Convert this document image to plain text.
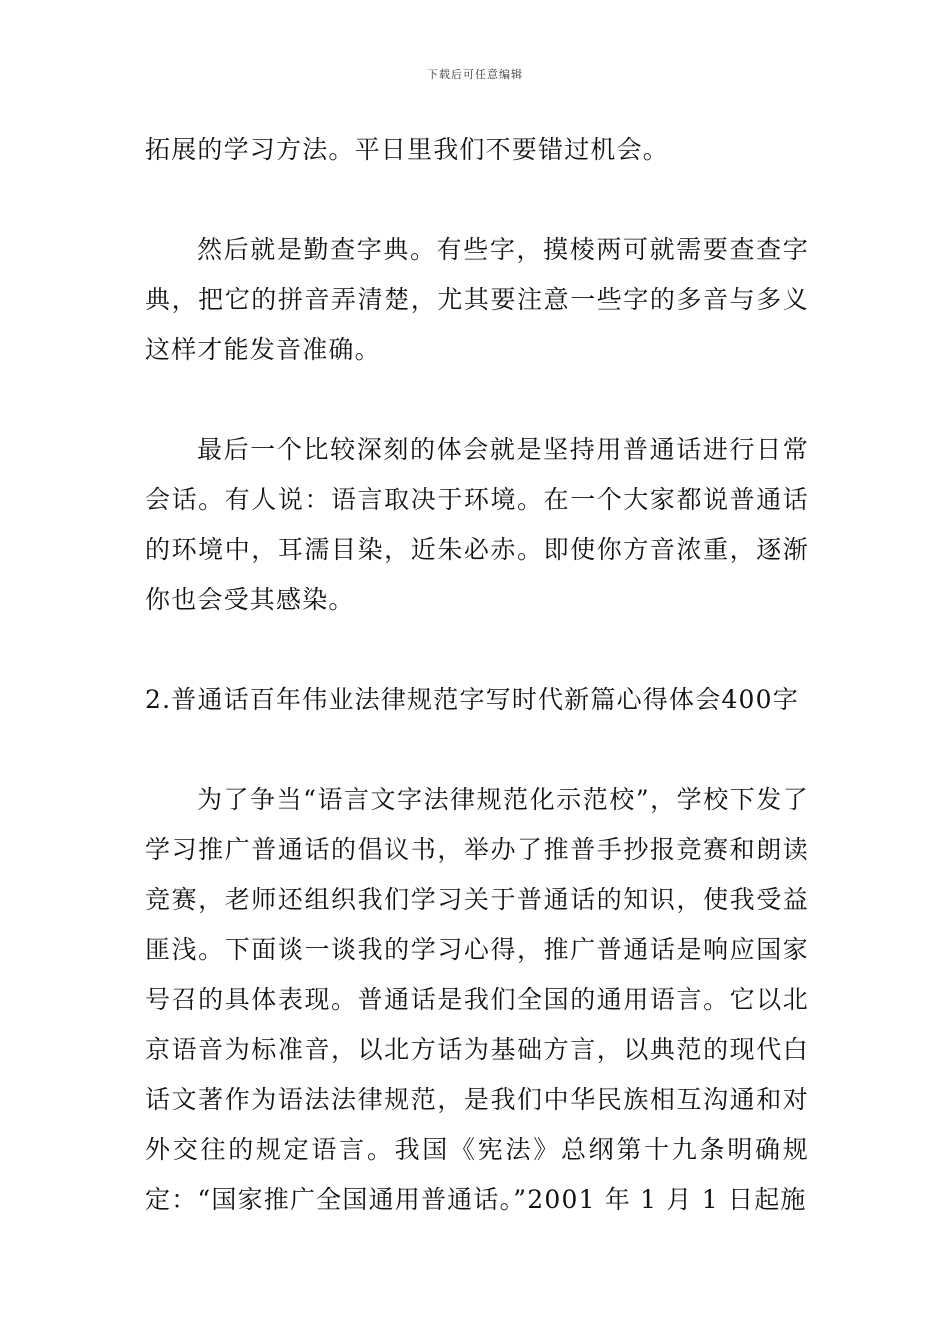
下载后可任意编辑

拓展的学习方法。平日里我们不要错过机会。

然后就是勤查字典。有些字，摸棱两可就需要查查字典，把它的拼音弄清楚，尤其要注意一些字的多音与多义这样才能发音准确。

最后一个比较深刻的体会就是坚持用普通话进行日常会话。有人说：语言取决于环境。在一个大家都说普通话的环境中，耳濡目染，近朱必赤。即使你方音浓重，逐渐你也会受其感染。

2.普通话百年伟业法律规范字写时代新篇心得体会400字

为了争当“语言文字法律规范化示范校”，学校下发了学习推广普通话的倡议书，举办了推普手抄报竞赛和朗读竞赛，老师还组织我们学习关于普通话的知识，使我受益匪浅。下面谈一谈我的学习心得，推广普通话是响应国家号召的具体表现。普通话是我们全国的通用语言。它以北京语音为标准音，以北方话为基础方言，以典范的现代白话文著作为语法法律规范，是我们中华民族相互沟通和对外交往的规定语言。我国《宪法》总纲第十九条明确规定：“国家推广全国通用普通话。”2001 年 1 月 1 日起施
